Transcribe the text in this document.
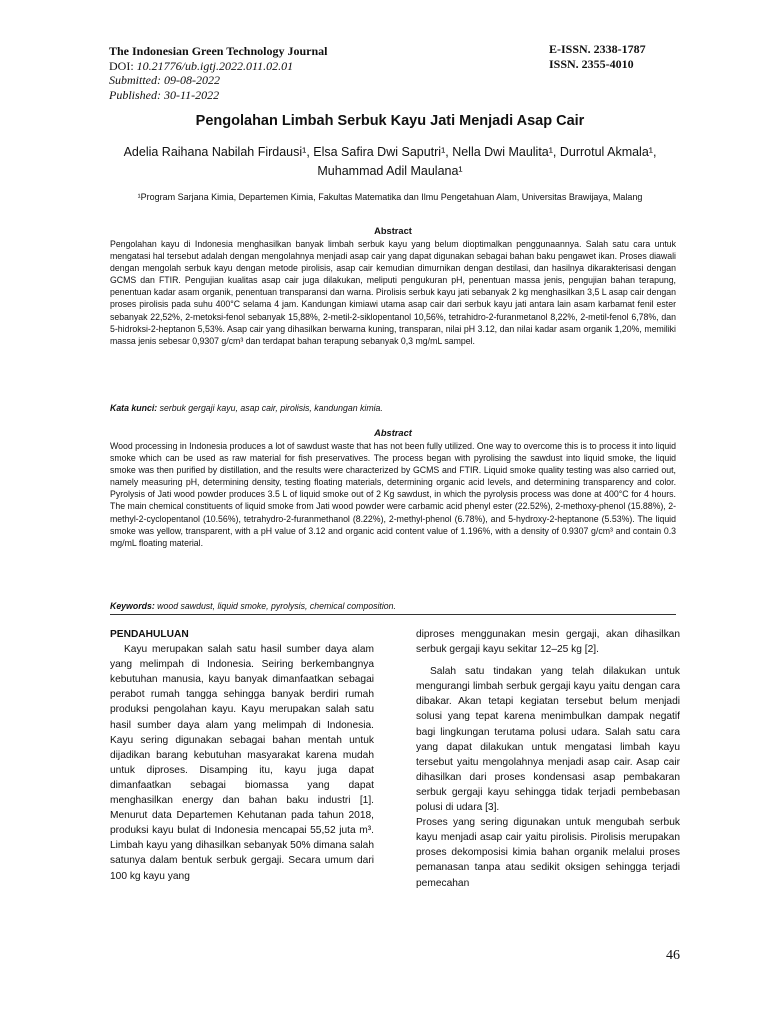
The Indonesian Green Technology Journal
DOI: 10.21776/ub.igtj.2022.011.02.01
Submitted: 09-08-2022
Published: 30-11-2022
E-ISSN. 2338-1787
ISSN. 2355-4010
Pengolahan Limbah Serbuk Kayu Jati Menjadi Asap Cair
Adelia Raihana Nabilah Firdausi¹, Elsa Safira Dwi Saputri¹, Nella Dwi Maulita¹, Durrotul Akmala¹, Muhammad Adil Maulana¹
¹Program Sarjana Kimia, Departemen Kimia, Fakultas Matematika dan Ilmu Pengetahuan Alam, Universitas Brawijaya, Malang
Abstract
Pengolahan kayu di Indonesia menghasilkan banyak limbah serbuk kayu yang belum dioptimalkan penggunaannya. Salah satu cara untuk mengatasi hal tersebut adalah dengan mengolahnya menjadi asap cair yang dapat digunakan sebagai bahan baku pengawet ikan. Proses diawali dengan mengolah serbuk kayu dengan metode pirolisis, asap cair kemudian dimurnikan dengan destilasi, dan hasilnya dikarakterisasi dengan GCMS dan FTIR. Pengujian kualitas asap cair juga dilakukan, meliputi pengukuran pH, penentuan massa jenis, pengujian bahan terapung, penentuan kadar asam organik, penentuan transparansi dan warna. Pirolisis serbuk kayu jati sebanyak 2 kg menghasilkan 3,5 L asap cair dengan proses pirolisis pada suhu 400°C selama 4 jam. Kandungan kimiawi utama asap cair dari serbuk kayu jati antara lain asam karbamat fenil ester sebanyak 22,52%, 2-metoksi-fenol sebanyak 15,88%, 2-metil-2-siklopentanol 10,56%, tetrahidro-2-furanmetanol 8,22%, 2-metil-fenol 6,78%, dan 5-hidroksi-2-heptanon 5,53%. Asap cair yang dihasilkan berwarna kuning, transparan, nilai pH 3.12, dan nilai kadar asam organik 1,20%, memiliki massa jenis sebesar 0,9307 g/cm³ dan terdapat bahan terapung sebanyak 0,3 mg/mL sampel.
Kata kunci: serbuk gergaji kayu, asap cair, pirolisis, kandungan kimia.
Abstract
Wood processing in Indonesia produces a lot of sawdust waste that has not been fully utilized. One way to overcome this is to process it into liquid smoke which can be used as raw material for fish preservatives. The process began with pyrolising the sawdust into liquid smoke, the liquid smoke was then purified by distillation, and the results were characterized by GCMS and FTIR. Liquid smoke quality testing was also carried out, namely measuring pH, determining density, testing floating materials, determining organic acid levels, and determining transparency and color. Pyrolysis of Jati wood powder produces 3.5 L of liquid smoke out of 2 Kg sawdust, in which the pyrolysis process was done at 400°C for 4 hours. The main chemical constituents of liquid smoke from Jati wood powder were carbamic acid phenyl ester (22.52%), 2-methoxy-phenol (15.88%), 2-methyl-2-cyclopentanol (10.56%), tetrahydro-2-furanmethanol (8.22%), 2-methyl-phenol (6.78%), and 5-hydroxy-2-heptanone (5.53%). The liquid smoke was yellow, transparent, with a pH value of 3.12 and organic acid content value of 1.196%, with a density of 0.9307 g/cm³ and contain 0.3 mg/mL floating material.
Keywords: wood sawdust, liquid smoke, pyrolysis, chemical composition.

PENDAHULUAN

Kayu merupakan salah satu hasil sumber daya alam yang melimpah di Indonesia. Seiring berkembangnya kebutuhan manusia, kayu banyak dimanfaatkan sebagai perabot rumah tangga sehingga banyak berdiri rumah produksi pengolahan kayu. Kayu merupakan salah satu hasil sumber daya alam yang melimpah di Indonesia. Kayu sering digunakan sebagai bahan mentah untuk dijadikan barang kebutuhan masyarakat karena mudah untuk diproses. Disamping itu, kayu juga dapat dimanfaatkan sebagai biomassa yang dapat menghasilkan energy dan bahan baku industri [1]. Menurut data Departemen Kehutanan pada tahun 2018, produksi kayu bulat di Indonesia mencapai 55,52 juta m³. Limbah kayu yang dihasilkan sebanyak 50% dimana salah satunya dalam bentuk serbuk gergaji. Secara umum dari 100 kg kayu yang

diproses menggunakan mesin gergaji, akan dihasilkan serbuk gergaji kayu sekitar 12–25 kg [2].

Salah satu tindakan yang telah dilakukan untuk mengurangi limbah serbuk gergaji kayu yaitu dengan cara dibakar. Akan tetapi kegiatan tersebut belum menjadi solusi yang tepat karena menimbulkan dampak negatif bagi lingkungan terutama polusi udara. Salah satu cara yang dapat dilakukan untuk mengatasi limbah kayu tersebut yaitu mengolahnya menjadi asap cair. Asap cair dihasilkan dari proses kondensasi asap pembakaran serbuk gergaji kayu sehingga tidak terjadi pembebasan polusi di udara [3].

Proses yang sering digunakan untuk mengubah serbuk kayu menjadi asap cair yaitu pirolisis. Pirolisis merupakan proses dekomposisi kimia bahan organik melalui proses pemanasan tanpa atau sedikit oksigen sehingga terjadi pemecahan

46
